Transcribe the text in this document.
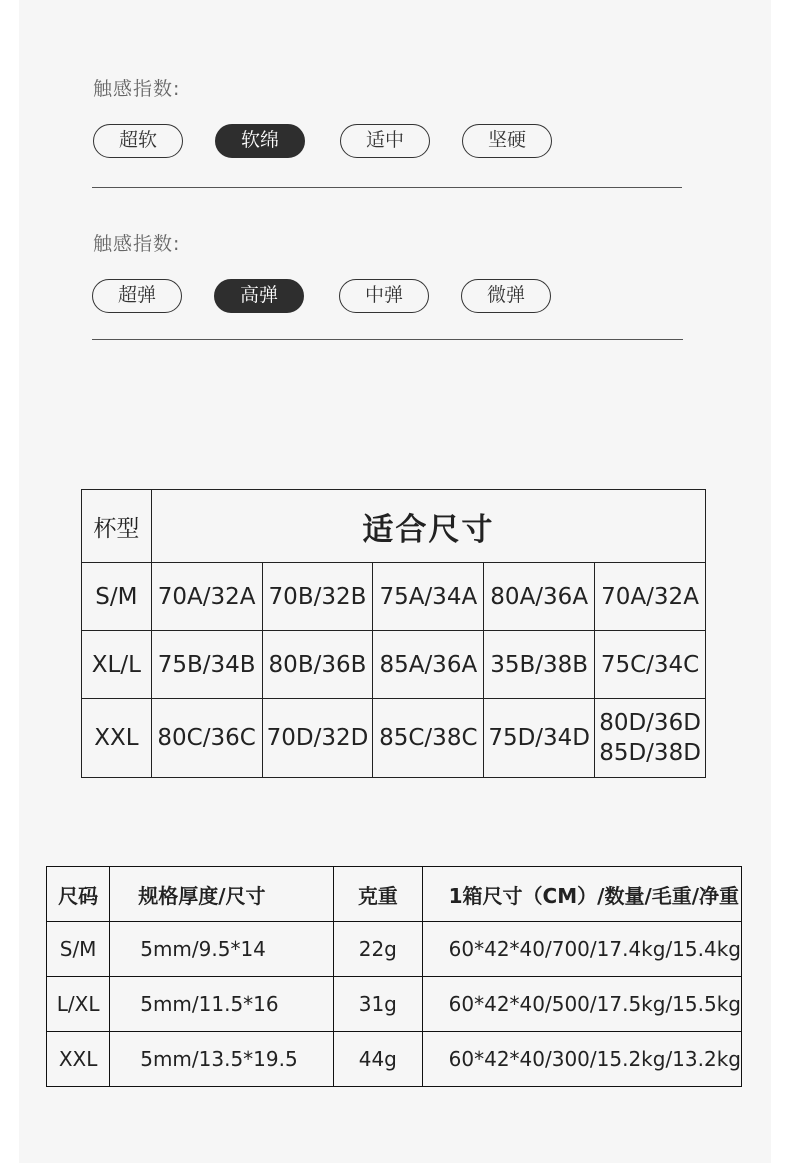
触感指数:
超软	软绵	适中	坚硬
触感指数:
超弹	高弹	中弹	微弹
杯型	适合尺寸				
S/M	70A/32A	70B/32B	75A/34A	80A/36A	70A/32A
XL/L	75B/34B	80B/36B	85A/36A	35B/38B	75C/34C
XXL	80C/36C	70D/32D	85C/38C	75D/34D	80D/36D
85D/38D
尺码	规格厚度/尺寸	克重	1箱尺寸（CM）/数量/毛重/净重
S/M	5mm/9.5*14	22g	60*42*40/700/17.4kg/15.4kg
L/XL	5mm/11.5*16	31g	60*42*40/500/17.5kg/15.5kg
XXL	5mm/13.5*19.5	44g	60*42*40/300/15.2kg/13.2kg
